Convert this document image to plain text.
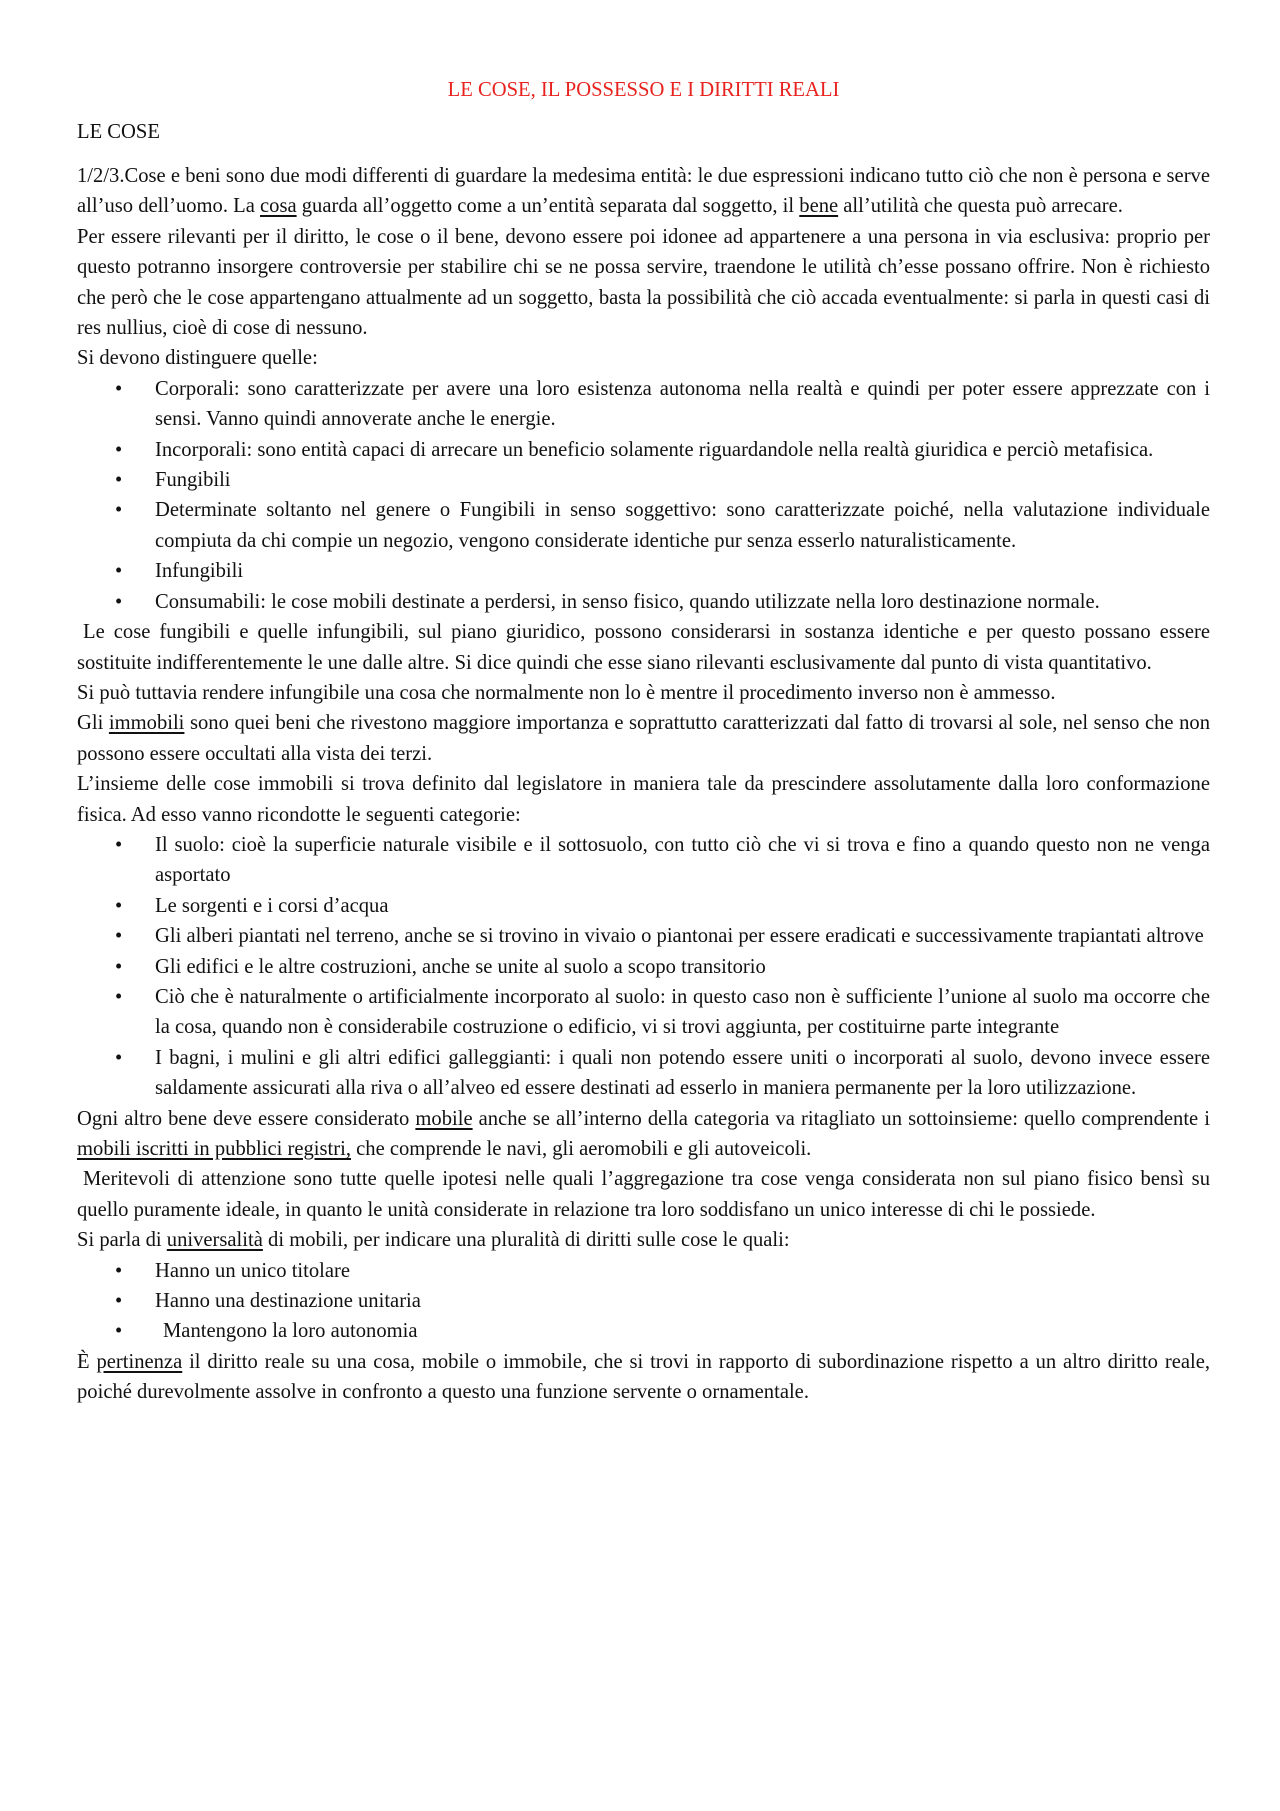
LE COSE, IL POSSESSO E I DIRITTI REALI
LE COSE

1/2/3.Cose e beni sono due modi differenti di guardare la medesima entità: le due espressioni indicano tutto ciò che non è persona e serve all’uso dell’uomo. La cosa guarda all’oggetto come a un’entità separata dal soggetto, il bene all’utilità che questa può arrecare.

Per essere rilevanti per il diritto, le cose o il bene, devono essere poi idonee ad appartenere a una persona in via esclusiva: proprio per questo potranno insorgere controversie per stabilire chi se ne possa servire, traendone le utilità ch’esse possano offrire. Non è richiesto che però che le cose appartengano attualmente ad un soggetto, basta la possibilità che ciò accada eventualmente: si parla in questi casi di res nullius, cioè di cose di nessuno.

Si devono distinguere quelle:

• Corporali: sono caratterizzate per avere una loro esistenza autonoma nella realtà e quindi per poter essere apprezzate con i sensi. Vanno quindi annoverate anche le energie.
• Incorporali: sono entità capaci di arrecare un beneficio solamente riguardandole nella realtà giuridica e perciò metafisica.
• Fungibili
• Determinate soltanto nel genere o Fungibili in senso soggettivo: sono caratterizzate poiché, nella valutazione individuale compiuta da chi compie un negozio, vengono considerate identiche pur senza esserlo naturalisticamente.
• Infungibili
• Consumabili: le cose mobili destinate a perdersi, in senso fisico, quando utilizzate nella loro destinazione normale.

Le cose fungibili e quelle infungibili, sul piano giuridico, possono considerarsi in sostanza identiche e per questo possano essere sostituite indifferentemente le une dalle altre. Si dice quindi che esse siano rilevanti esclusivamente dal punto di vista quantitativo.

Si può tuttavia rendere infungibile una cosa che normalmente non lo è mentre il procedimento inverso non è ammesso.

Gli immobili sono quei beni che rivestono maggiore importanza e soprattutto caratterizzati dal fatto di trovarsi al sole, nel senso che non possono essere occultati alla vista dei terzi.

L’insieme delle cose immobili si trova definito dal legislatore in maniera tale da prescindere assolutamente dalla loro conformazione fisica. Ad esso vanno ricondotte le seguenti categorie:

• Il suolo: cioè la superficie naturale visibile e il sottosuolo, con tutto ciò che vi si trova e fino a quando questo non ne venga asportato
• Le sorgenti e i corsi d’acqua
• Gli alberi piantati nel terreno, anche se si trovino in vivaio o piantonai per essere eradicati e successivamente trapiantati altrove
• Gli edifici e le altre costruzioni, anche se unite al suolo a scopo transitorio
• Ciò che è naturalmente o artificialmente incorporato al suolo: in questo caso non è sufficiente l’unione al suolo ma occorre che la cosa, quando non è considerabile costruzione o edificio, vi si trovi aggiunta, per costituirne parte integrante
• I bagni, i mulini e gli altri edifici galleggianti: i quali non potendo essere uniti o incorporati al suolo, devono invece essere saldamente assicurati alla riva o all’alveo ed essere destinati ad esserlo in maniera permanente per la loro utilizzazione.

Ogni altro bene deve essere considerato mobile anche se all’interno della categoria va ritagliato un sottoinsieme: quello comprendente i mobili iscritti in pubblici registri, che comprende le navi, gli aeromobili e gli autoveicoli.

Meritevoli di attenzione sono tutte quelle ipotesi nelle quali l’aggregazione tra cose venga considerata non sul piano fisico bensì su quello puramente ideale, in quanto le unità considerate in relazione tra loro soddisfano un unico interesse di chi le possiede.

Si parla di universalità di mobili, per indicare una pluralità di diritti sulle cose le quali:

• Hanno un unico titolare
• Hanno una destinazione unitaria
• Mantengono la loro autonomia

È pertinenza il diritto reale su una cosa, mobile o immobile, che si trovi in rapporto di subordinazione rispetto a un altro diritto reale, poiché durevolmente assolve in confronto a questo una funzione servente o ornamentale.
